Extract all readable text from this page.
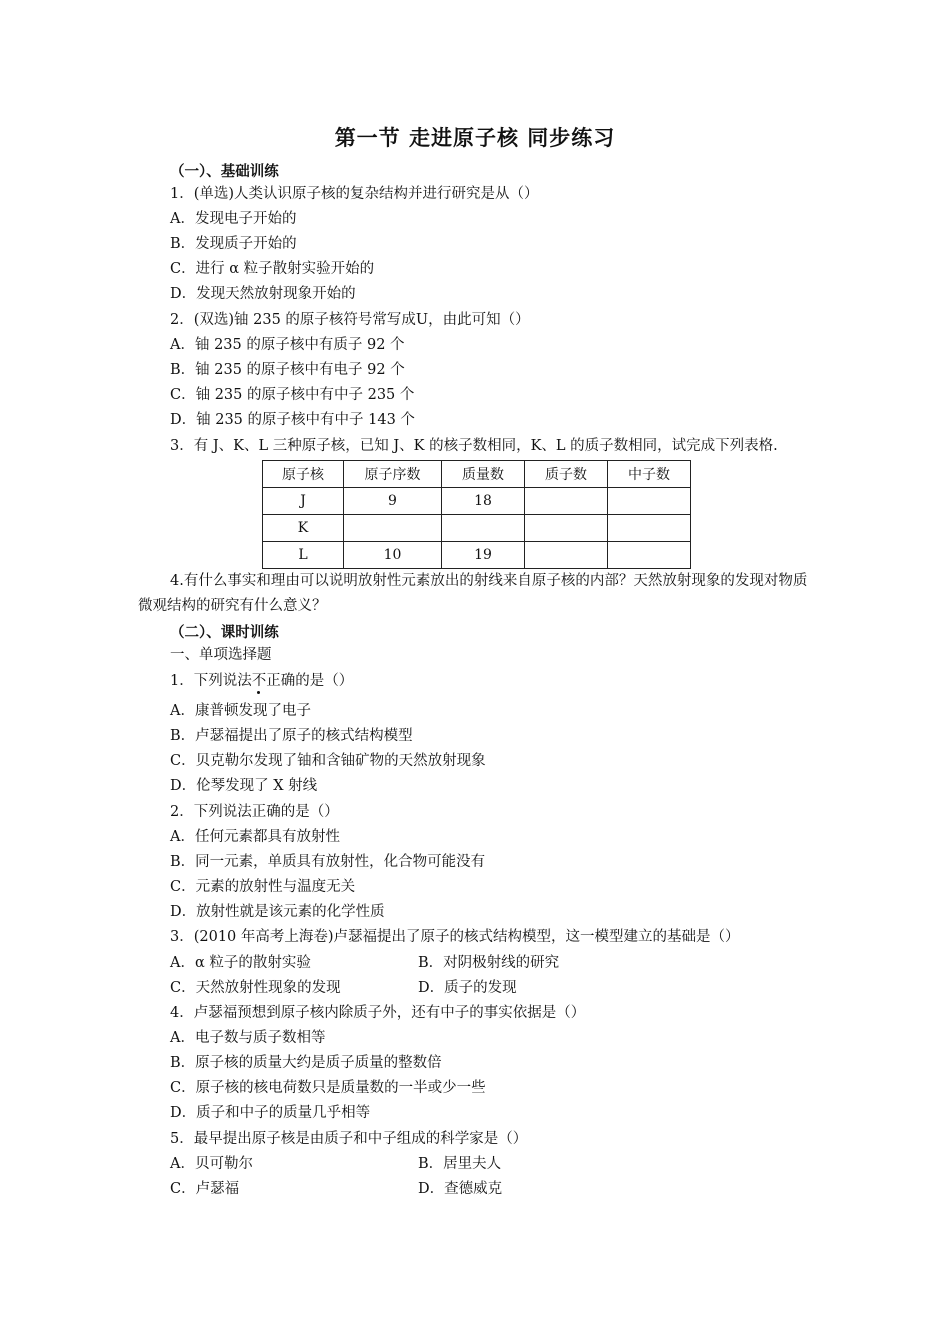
第一节 走进原子核 同步练习
（一）、基础训练
1．(单选)人类认识原子核的复杂结构并进行研究是从（）
A．发现电子开始的
B．发现质子开始的
C．进行 α 粒子散射实验开始的
D．发现天然放射现象开始的
2．(双选)铀 235 的原子核符号常写成U，由此可知（）
A．铀 235 的原子核中有质子 92 个
B．铀 235 的原子核中有电子 92 个
C．铀 235 的原子核中有中子 235 个
D．铀 235 的原子核中有中子 143 个
3．有 J、K、L 三种原子核，已知 J、K 的核子数相同，K、L 的质子数相同，试完成下列表格.
原子核	原子序数	质量数	质子数	中子数
J	9	18		
K				
L	10	19		
4.有什么事实和理由可以说明放射性元素放出的射线来自原子核的内部？天然放射现象的发现对物质微观结构的研究有什么意义？
（二）、课时训练
一、单项选择题
1．下列说法不正确的是（）
A．康普顿发现了电子
B．卢瑟福提出了原子的核式结构模型
C．贝克勒尔发现了铀和含铀矿物的天然放射现象
D．伦琴发现了 X 射线
2．下列说法正确的是（）
A．任何元素都具有放射性
B．同一元素，单质具有放射性，化合物可能没有
C．元素的放射性与温度无关
D．放射性就是该元素的化学性质
3．(2010 年高考上海卷)卢瑟福提出了原子的核式结构模型，这一模型建立的基础是（）
A．α 粒子的散射实验	B．对阴极射线的研究
C．天然放射性现象的发现	D．质子的发现
4．卢瑟福预想到原子核内除质子外，还有中子的事实依据是（）
A．电子数与质子数相等
B．原子核的质量大约是质子质量的整数倍
C．原子核的核电荷数只是质量数的一半或少一些
D．质子和中子的质量几乎相等
5．最早提出原子核是由质子和中子组成的科学家是（）
A．贝可勒尔	B．居里夫人
C．卢瑟福	D．查德威克
